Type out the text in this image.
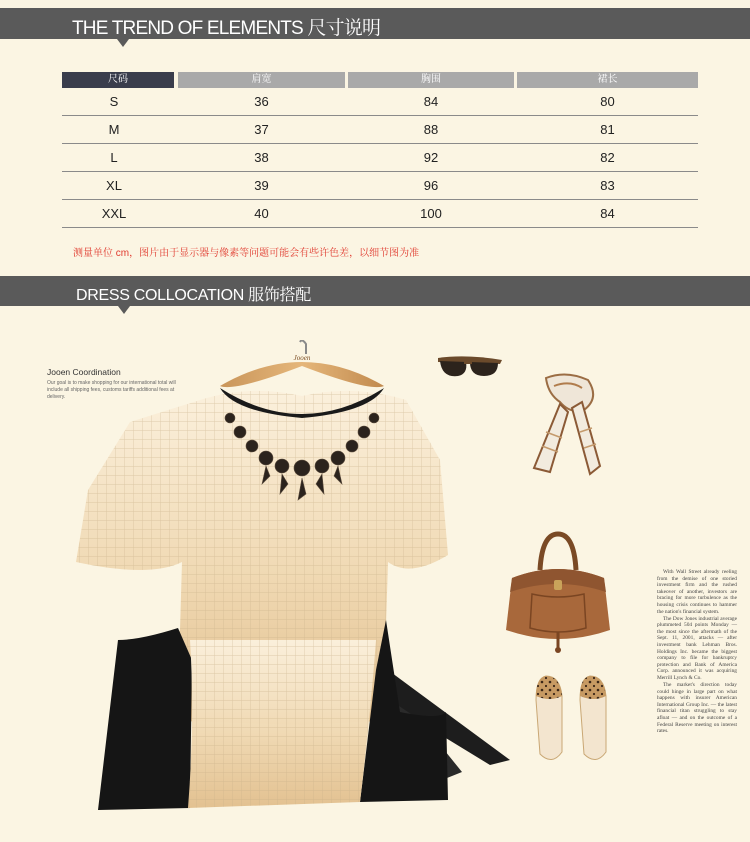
THE TREND OF ELEMENTS 尺寸说明
尺码	肩宽	胸围	裙长
S	36	84	80
M	37	88	81
L	38	92	82
XL	39	96	83
XXL	40	100	84
测量单位 cm，图片由于显示器与像素等问题可能会有些许色差，以细节图为准
DRESS COLLOCATION 服饰搭配
Jooen Coordination
Our goal is to make shopping for our international total will include all shipping fees, customs tariffs additional fees at delivery.
Jooen

With Wall Street already reeling from the demise of one storied investment firm and the rushed takeover of another, investors are bracing for more turbulence as the housing crisis continues to hammer the nation's financial system.

The Dow Jones industrial average plummeted 504 points Monday — the most since the aftermath of the Sept. 11, 2001, attacks — after investment bank Lehman Bros. Holdings Inc. became the biggest company to file for bankruptcy protection and Bank of America Corp. announced it was acquiring Merrill Lynch & Co.

The market's direction today could hinge in large part on what happens with insurer American International Group Inc. — the latest financial titan struggling to stay afloat — and on the outcome of a Federal Reserve meeting on interest rates.
